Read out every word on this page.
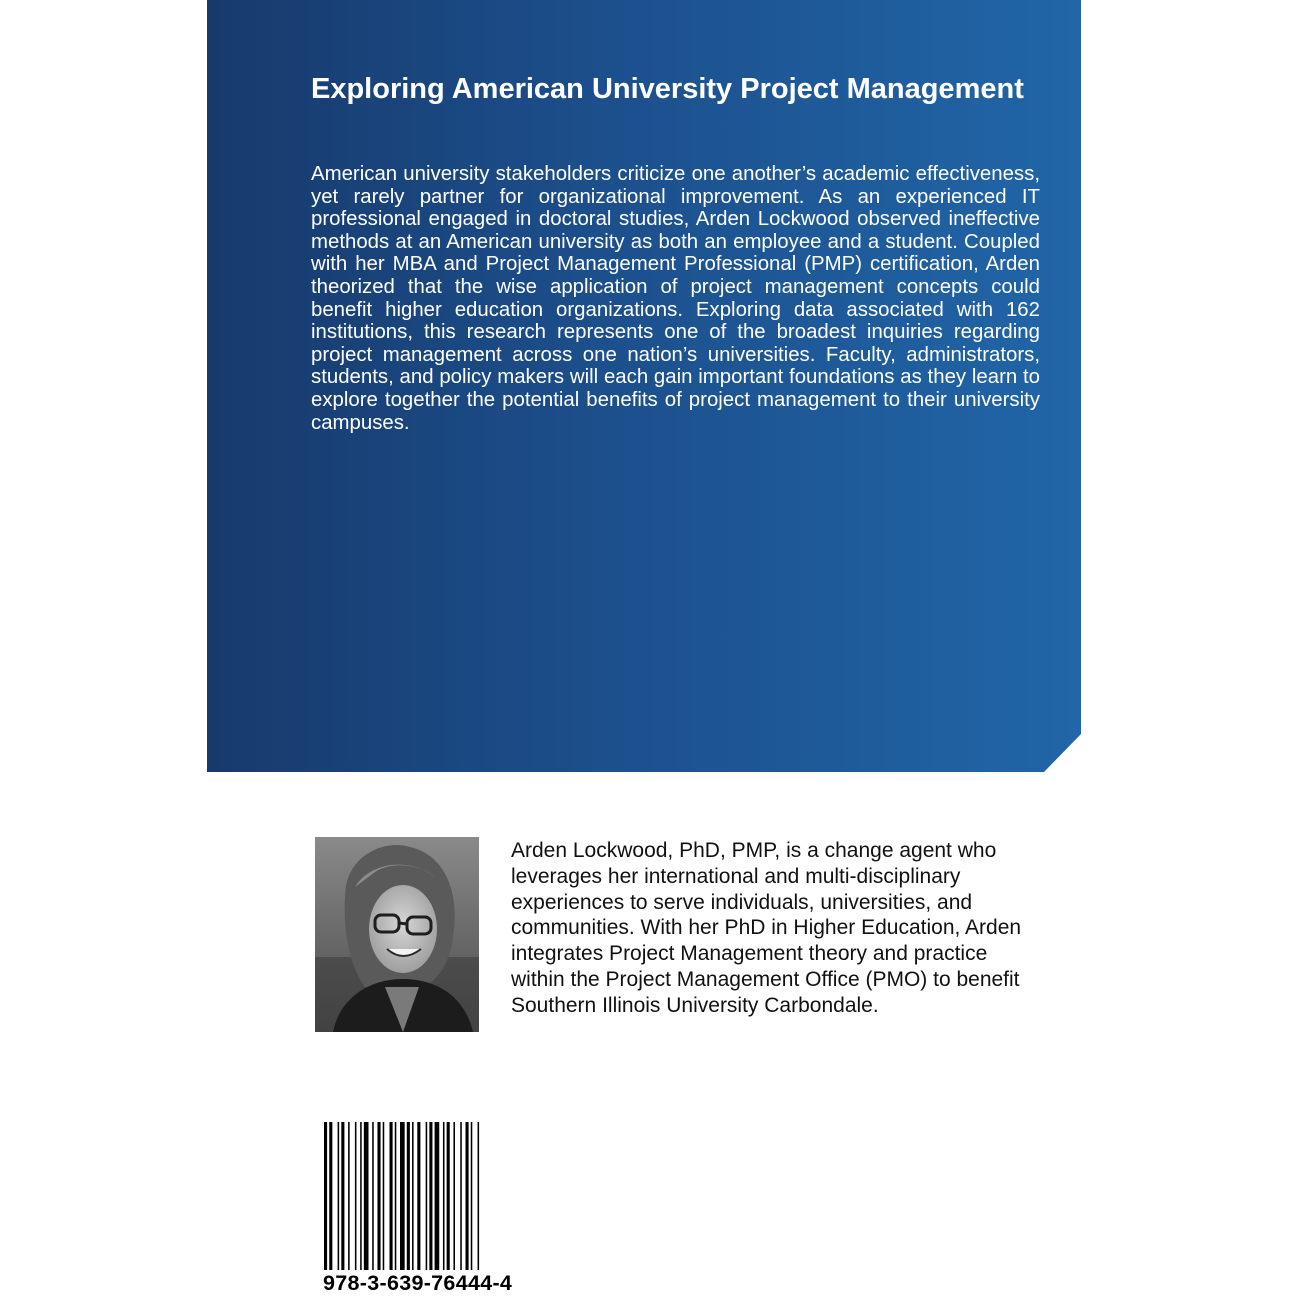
Exploring American University Project Management

American university stakeholders criticize one another’s academic effectiveness, yet rarely partner for organizational improvement. As an experienced IT professional engaged in doctoral studies, Arden Lockwood observed ineffective methods at an American university as both an employee and a student. Coupled with her MBA and Project Management Professional (PMP) certification, Arden theorized that the wise application of project management concepts could benefit higher education organizations. Exploring data associated with 162 institutions, this research represents one of the broadest inquiries regarding project management across one nation’s universities. Faculty, administrators, students, and policy makers will each gain important foundations as they learn to explore together the potential benefits of project management to their university campuses.

Arden Lockwood, PhD, PMP, is a change agent who leverages her international and multi-disciplinary experiences to serve individuals, universities, and communities. With her PhD in Higher Education, Arden integrates Project Management theory and practice within the Project Management Office (PMO) to benefit Southern Illinois University Carbondale.

978-3-639-76444-4
